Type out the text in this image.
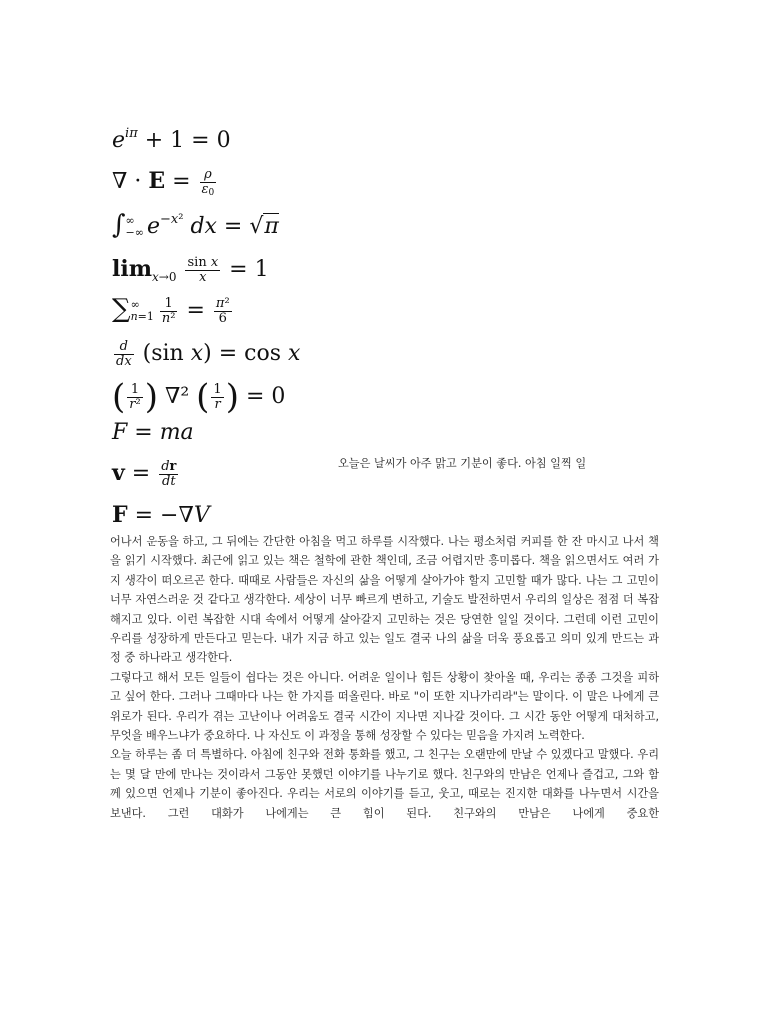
$e^{i\pi} + 1 = 0$
∇ · $E = \frac{\rho}{\varepsilon_0}$
∫ ∞
−∞ $e^{-x^2}$ dx = √π
$\lim_{x\to 0} \frac{\text{sin x}}{x} = 1$
∑ ∞
$n=1 \frac{1}{\text{n²}} = \frac{\text{π²}}{6}$
$\frac{d}{dx} (\sin$ x) = cos x
( $\frac{1}{\text{r²}}$ ) ∇² ( $\frac{1}{r}$ ) = 0
F = ma
$v = \frac{dr}{dt}$
F = −∇V
오늘은 날씨가 아주 맑고 기분이 좋다. 아침 일찍 일

어나서 운동을 하고, 그 뒤에는 간단한 아침을 먹고 하루를 시작했다. 나는 평소처럼 커피를 한 잔 마시고 나서 책을 읽기 시작했다. 최근에 읽고 있는 책은 철학에 관한 책인데, 조금 어렵지만 흥미롭다. 책을 읽으면서도 여러 가지 생각이 떠오르곤 한다. 때때로 사람들은 자신의 삶을 어떻게 살아가야 할지 고민할 때가 많다. 나는 그 고민이 너무 자연스러운 것 같다고 생각한다. 세상이 너무 빠르게 변하고, 기술도 발전하면서 우리의 일상은 점점 더 복잡해지고 있다. 이런 복잡한 시대 속에서 어떻게 살아갈지 고민하는 것은 당연한 일일 것이다. 그런데 이런 고민이 우리를 성장하게 만든다고 믿는다. 내가 지금 하고 있는 일도 결국 나의 삶을 더욱 풍요롭고 의미 있게 만드는 과정 중 하나라고 생각한다.

그렇다고 해서 모든 일들이 쉽다는 것은 아니다. 어려운 일이나 힘든 상황이 찾아올 때, 우리는 종종 그것을 피하고 싶어 한다. 그러나 그때마다 나는 한 가지를 떠올린다. 바로 "이 또한 지나가리라"는 말이다. 이 말은 나에게 큰 위로가 된다. 우리가 겪는 고난이나 어려움도 결국 시간이 지나면 지나갈 것이다. 그 시간 동안 어떻게 대처하고, 무엇을 배우느냐가 중요하다. 나 자신도 이 과정을 통해 성장할 수 있다는 믿음을 가지려 노력한다.

오늘 하루는 좀 더 특별하다. 아침에 친구와 전화 통화를 했고, 그 친구는 오랜만에 만날 수 있겠다고 말했다. 우리는 몇 달 만에 만나는 것이라서 그동안 못했던 이야기를 나누기로 했다. 친구와의 만남은 언제나 즐겁고, 그와 함께 있으면 언제나 기분이 좋아진다. 우리는 서로의 이야기를 듣고, 웃고, 때로는 진지한 대화를 나누면서 시간을 보낸다. 그런 대화가 나에게는 큰 힘이 된다. 친구와의 만남은 나에게 중요한
